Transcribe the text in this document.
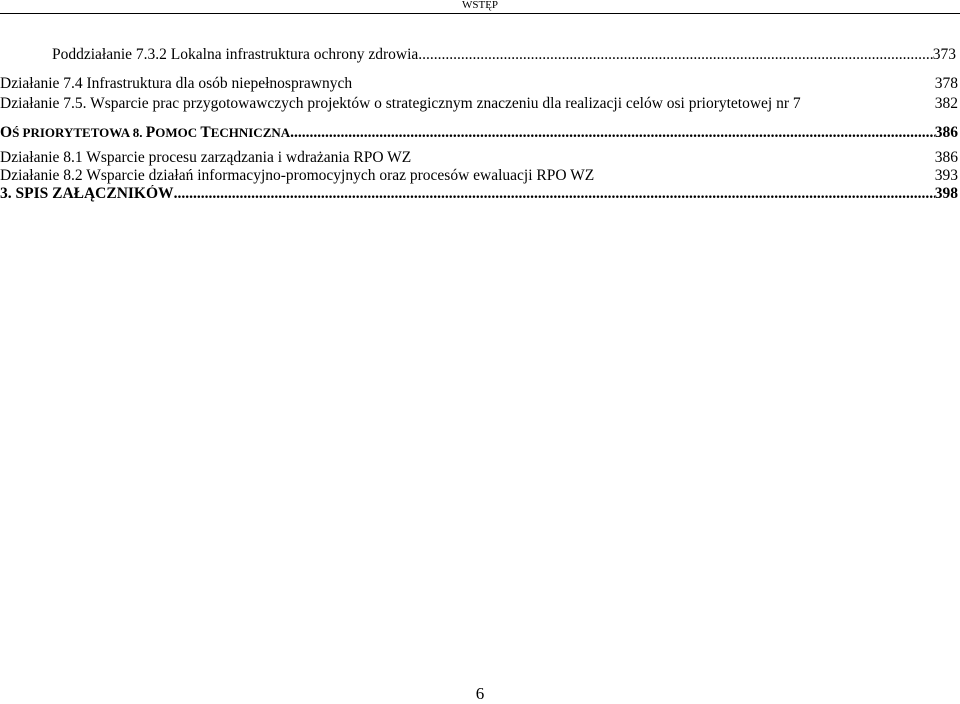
WSTĘP
Poddziałanie 7.3.2 Lokalna infrastruktura ochrony zdrowia .....	373
Działanie 7.4 Infrastruktura dla osób niepełnosprawnych	378
Działanie 7.5. Wsparcie prac przygotowawczych projektów o strategicznym znaczeniu dla realizacji celów osi priorytetowej nr 7	382
OŚ PRIORYTETOWA 8. POMOC TECHNICZNA .....	386
Działanie 8.1 Wsparcie procesu zarządzania i wdrażania RPO WZ	386
Działanie 8.2 Wsparcie działań informacyjno-promocyjnych oraz procesów ewaluacji RPO WZ	393
3. SPIS ZAŁĄCZNIKÓW .....	398
6
